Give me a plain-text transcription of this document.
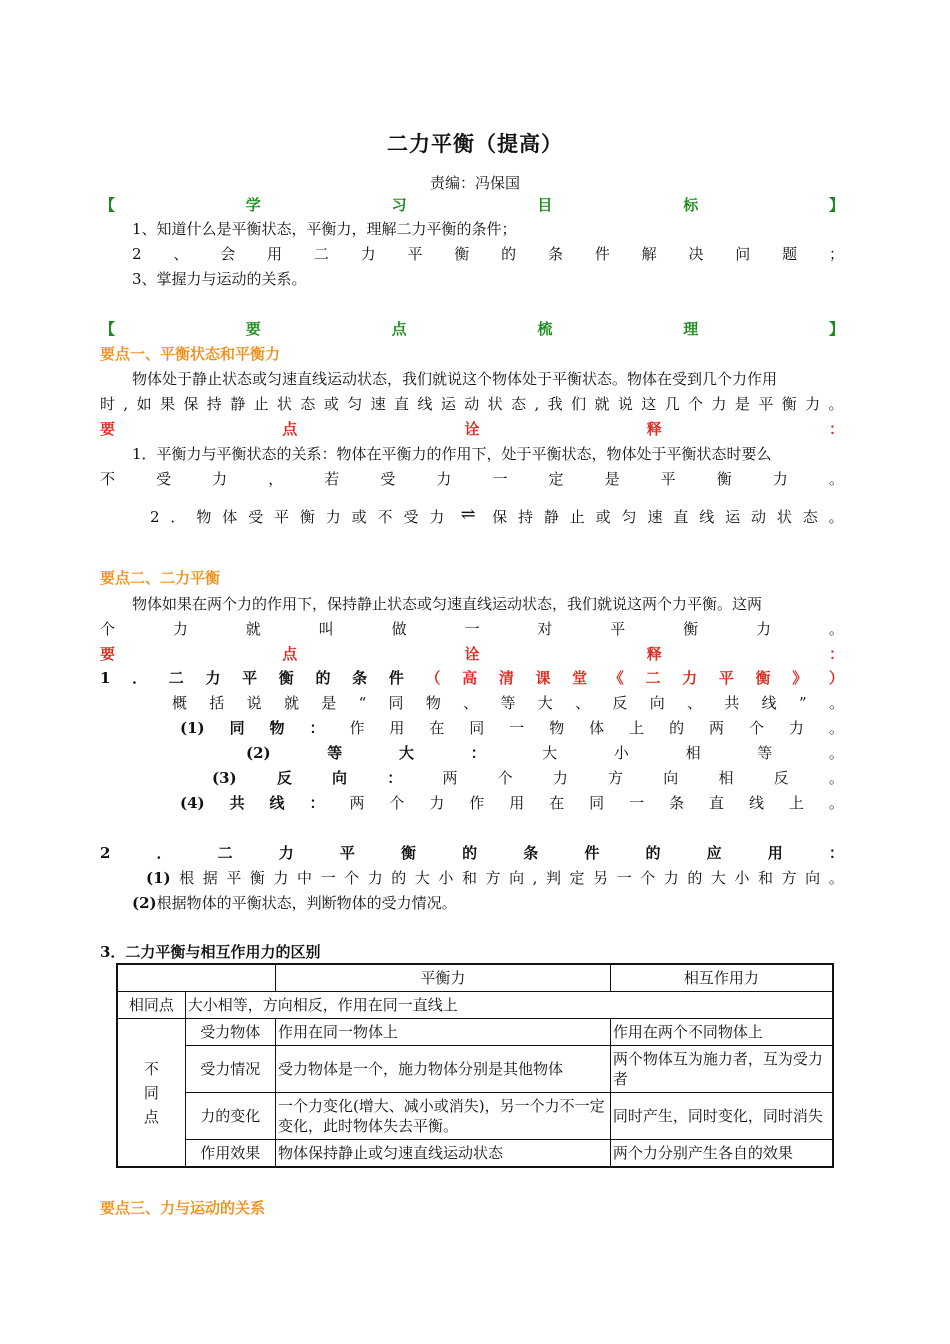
二力平衡（提高）
责编：冯保国
【	学	习	目	标	】
1、知道什么是平衡状态，平衡力，理解二力平衡的条件；
2 、 会 用 二 力 平 衡 的 条 件 解 决 问 题 ；
3、掌握力与运动的关系。
【	要	点	梳	理	】
要点一、平衡状态和平衡力
物体处于静止状态或匀速直线运动状态，我们就说这个物体处于平衡状态。物体在受到几个力作用
时 , 如 果 保 持 静 止 状 态 或 匀 速 直 线 运 动 状 态 , 我 们 就 说 这 几 个 力 是 平 衡 力 。
要	点	诠	释	：
1．平衡力与平衡状态的关系：物体在平衡力的作用下，处于平衡状态，物体处于平衡状态时要么
不	受	力	，	若	受	力	一	定	是	平	衡	力	。
2 ． 物 体 受 平 衡 力 或 不 受 力 ⇌	保 持 静 止 或 匀 速 直 线 运 动 状 态 。
要点二、二力平衡
物体如果在两个力的作用下，保持静止状态或匀速直线运动状态，我们就说这两个力平衡。这两
个	力	就	叫	做	一	对	平	衡	力	。
要	点	诠	释	：
1 ． 二 力 平 衡 的 条 件 （ 高 清 课 堂 《 二 力 平 衡 》 ）
概 括 说 就 是 “ 同 物 、 等 大 、 反 向 、 共 线 ” 。
(1) 同 物 ： 作 用 在 同 一 物 体 上 的 两 个 力 。
(2)	等	大	：	大	小	相	等	。
(3)	反	向	：	两	个	力	方	向	相	反	。
(4) 共 线 ： 两 个 力 作 用 在 同 一 条 直 线 上 。
2	．	二	力	平	衡	的	条	件	的	应	用	：
(1) 根 据 平 衡 力 中 一 个 力 的 大 小 和 方 向 , 判 定 另 一 个 力 的 大 小 和 方 向 。
(2)根据物体的平衡状态，判断物体的受力情况。
3．二力平衡与相互作用力的区别
		平衡力	相互作用力
相同点	大小相等，方向相反，作用在同一直线上		
不
同
点	受力物体	作用在同一物体上	作用在两个不同物体上
	受力情况	受力物体是一个，施力物体分别是其他物体	两个物体互为施力者，互为受力者
	力的变化	一个力变化(增大、减小或消失)，另一个力不一定变化，此时物体失去平衡。	同时产生，同时变化，同时消失
	作用效果	物体保持静止或匀速直线运动状态	两个力分别产生各自的效果
要点三、力与运动的关系
